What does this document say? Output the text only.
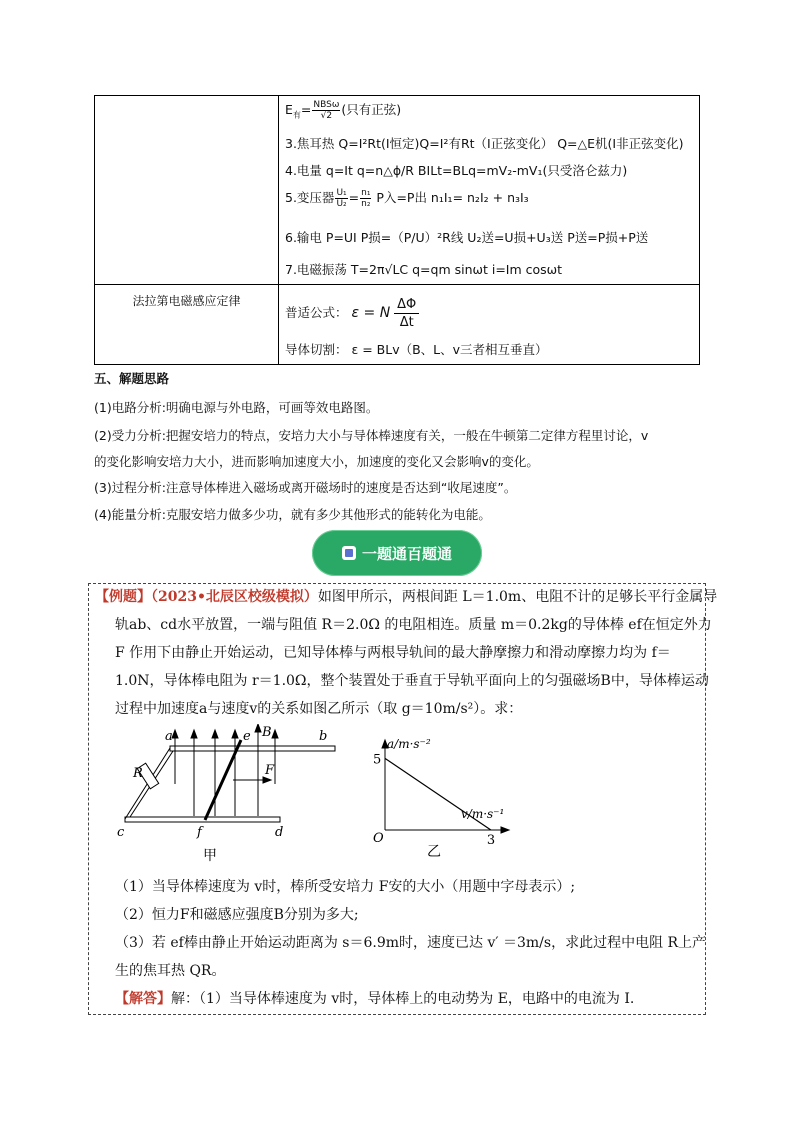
$E_有= \frac{\text{NBSω}}{√2}$ (只有正弦)
3.焦耳热 Q=I²Rt(I恒定)Q=I²有Rt（I正弦变化） Q=△E机(I非正弦变化)
4.电量 q=It q=n△ϕ/R BILt=BLq=mV₂-mV₁(只受洛仑兹力)
5.变压器 $\frac{\text{U₁}}{\text{U₂}} = \frac{\text{n₁}}{\text{n₂}}$ P入=P出 n₁I₁= n₂I₂ + n₃I₃
6.输电 P=UI P损=（P/U）²R线 U₂送=U损+U₃送 P送=P损+P送
7.电磁振荡 T=2π√LC q=qm sinωt i=Im cosωt
法拉第电磁感应定律
普适公式： ε = N $\frac{\Delta\Phi}{\Delta t}$
导体切割： ε = BLv（B、L、v三者相互垂直）
五、解题思路
(1)电路分析:明确电源与外电路，可画等效电路图。
(2)受力分析:把握安培力的特点，安培力大小与导体棒速度有关，一般在牛顿第二定律方程里讨论，v
的变化影响安培力大小，进而影响加速度大小，加速度的变化又会影响v的变化。
(3)过程分析:注意导体棒进入磁场或离开磁场时的速度是否达到“收尾速度”。
(4)能量分析:克服安培力做多少功，就有多少其他形式的能转化为电能。
一题通百题通
【例题】（2023•北辰区校级模拟）如图甲所示，两根间距 L＝1.0m、电阻不计的足够长平行金属导
轨ab、cd水平放置，一端与阻值 R＝2.0Ω 的电阻相连。质量 m＝0.2kg的导体棒 ef在恒定外力
F 作用下由静止开始运动，已知导体棒与两根导轨间的最大静摩擦力和滑动摩擦力均为 f＝
1.0N，导体棒电阻为 r＝1.0Ω，整个装置处于垂直于导轨平面向上的匀强磁场B中，导体棒运动
过程中加速度a与速度v的关系如图乙所示（取 g＝10m/s²）。求：
a	b
c	d
e
f
B
F
R
甲
a/m·s⁻²
v/m·s⁻¹
O
5
3
乙
（1）当导体棒速度为 v时，棒所受安培力 F安的大小（用题中字母表示）;
（2）恒力F和磁感应强度B分别为多大;
（3）若 ef棒由静止开始运动距离为 s＝6.9m时，速度已达 v′ ＝3m/s，求此过程中电阻 R上产
生的焦耳热 QR。
【解答】解：（1）当导体棒速度为 v时，导体棒上的电动势为 E，电路中的电流为 I.
